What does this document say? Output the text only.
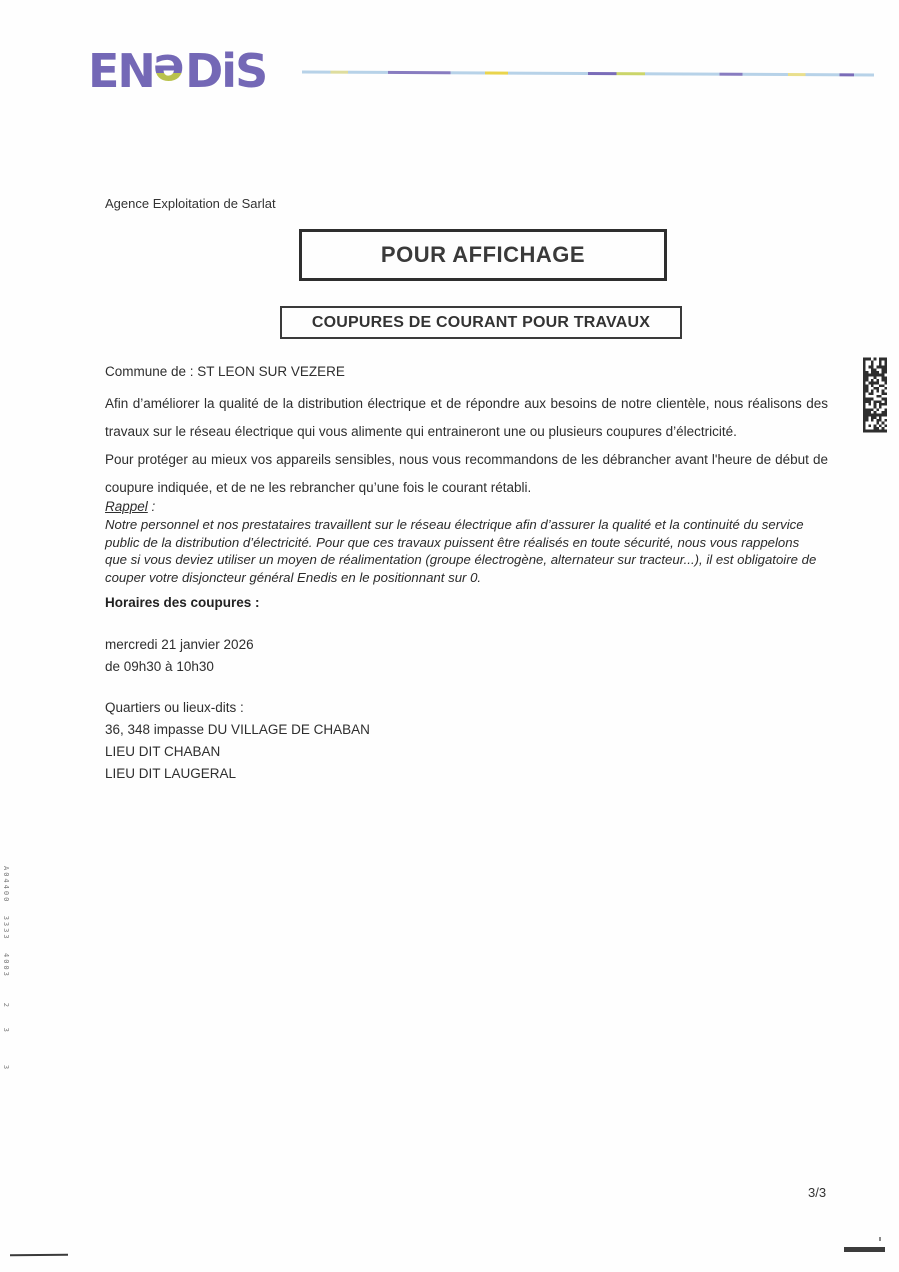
ENeDiS
Agence Exploitation de Sarlat
POUR AFFICHAGE
COUPURES DE COURANT POUR TRAVAUX
Commune de : ST LEON SUR VEZERE
Afin d’améliorer la qualité de la distribution électrique et de répondre aux besoins de notre clientèle, nous réalisons des travaux sur le réseau électrique qui vous alimente qui entraineront une ou plusieurs coupures d’électricité.
Pour protéger au mieux vos appareils sensibles, nous vous recommandons de les débrancher avant l'heure de début de coupure indiquée, et de ne les rebrancher qu’une fois le courant rétabli.
Rappel :
Notre personnel et nos prestataires travaillent sur le réseau électrique afin d’assurer la qualité et la continuité du service public de la distribution d’électricité. Pour que ces travaux puissent être réalisés en toute sécurité, nous vous rappelons que si vous deviez utiliser un moyen de réalimentation (groupe électrogène, alternateur sur tracteur...), il est obligatoire de couper votre disjoncteur général Enedis en le positionnant sur 0.
Horaires des coupures :
mercredi 21 janvier 2026
de 09h30 à 10h30
Quartiers ou lieux-dits :
36, 348 impasse DU VILLAGE DE CHABAN
LIEU DIT CHABAN
LIEU DIT LAUGERAL
A04400  3333  4003    2   3     3
3/3
